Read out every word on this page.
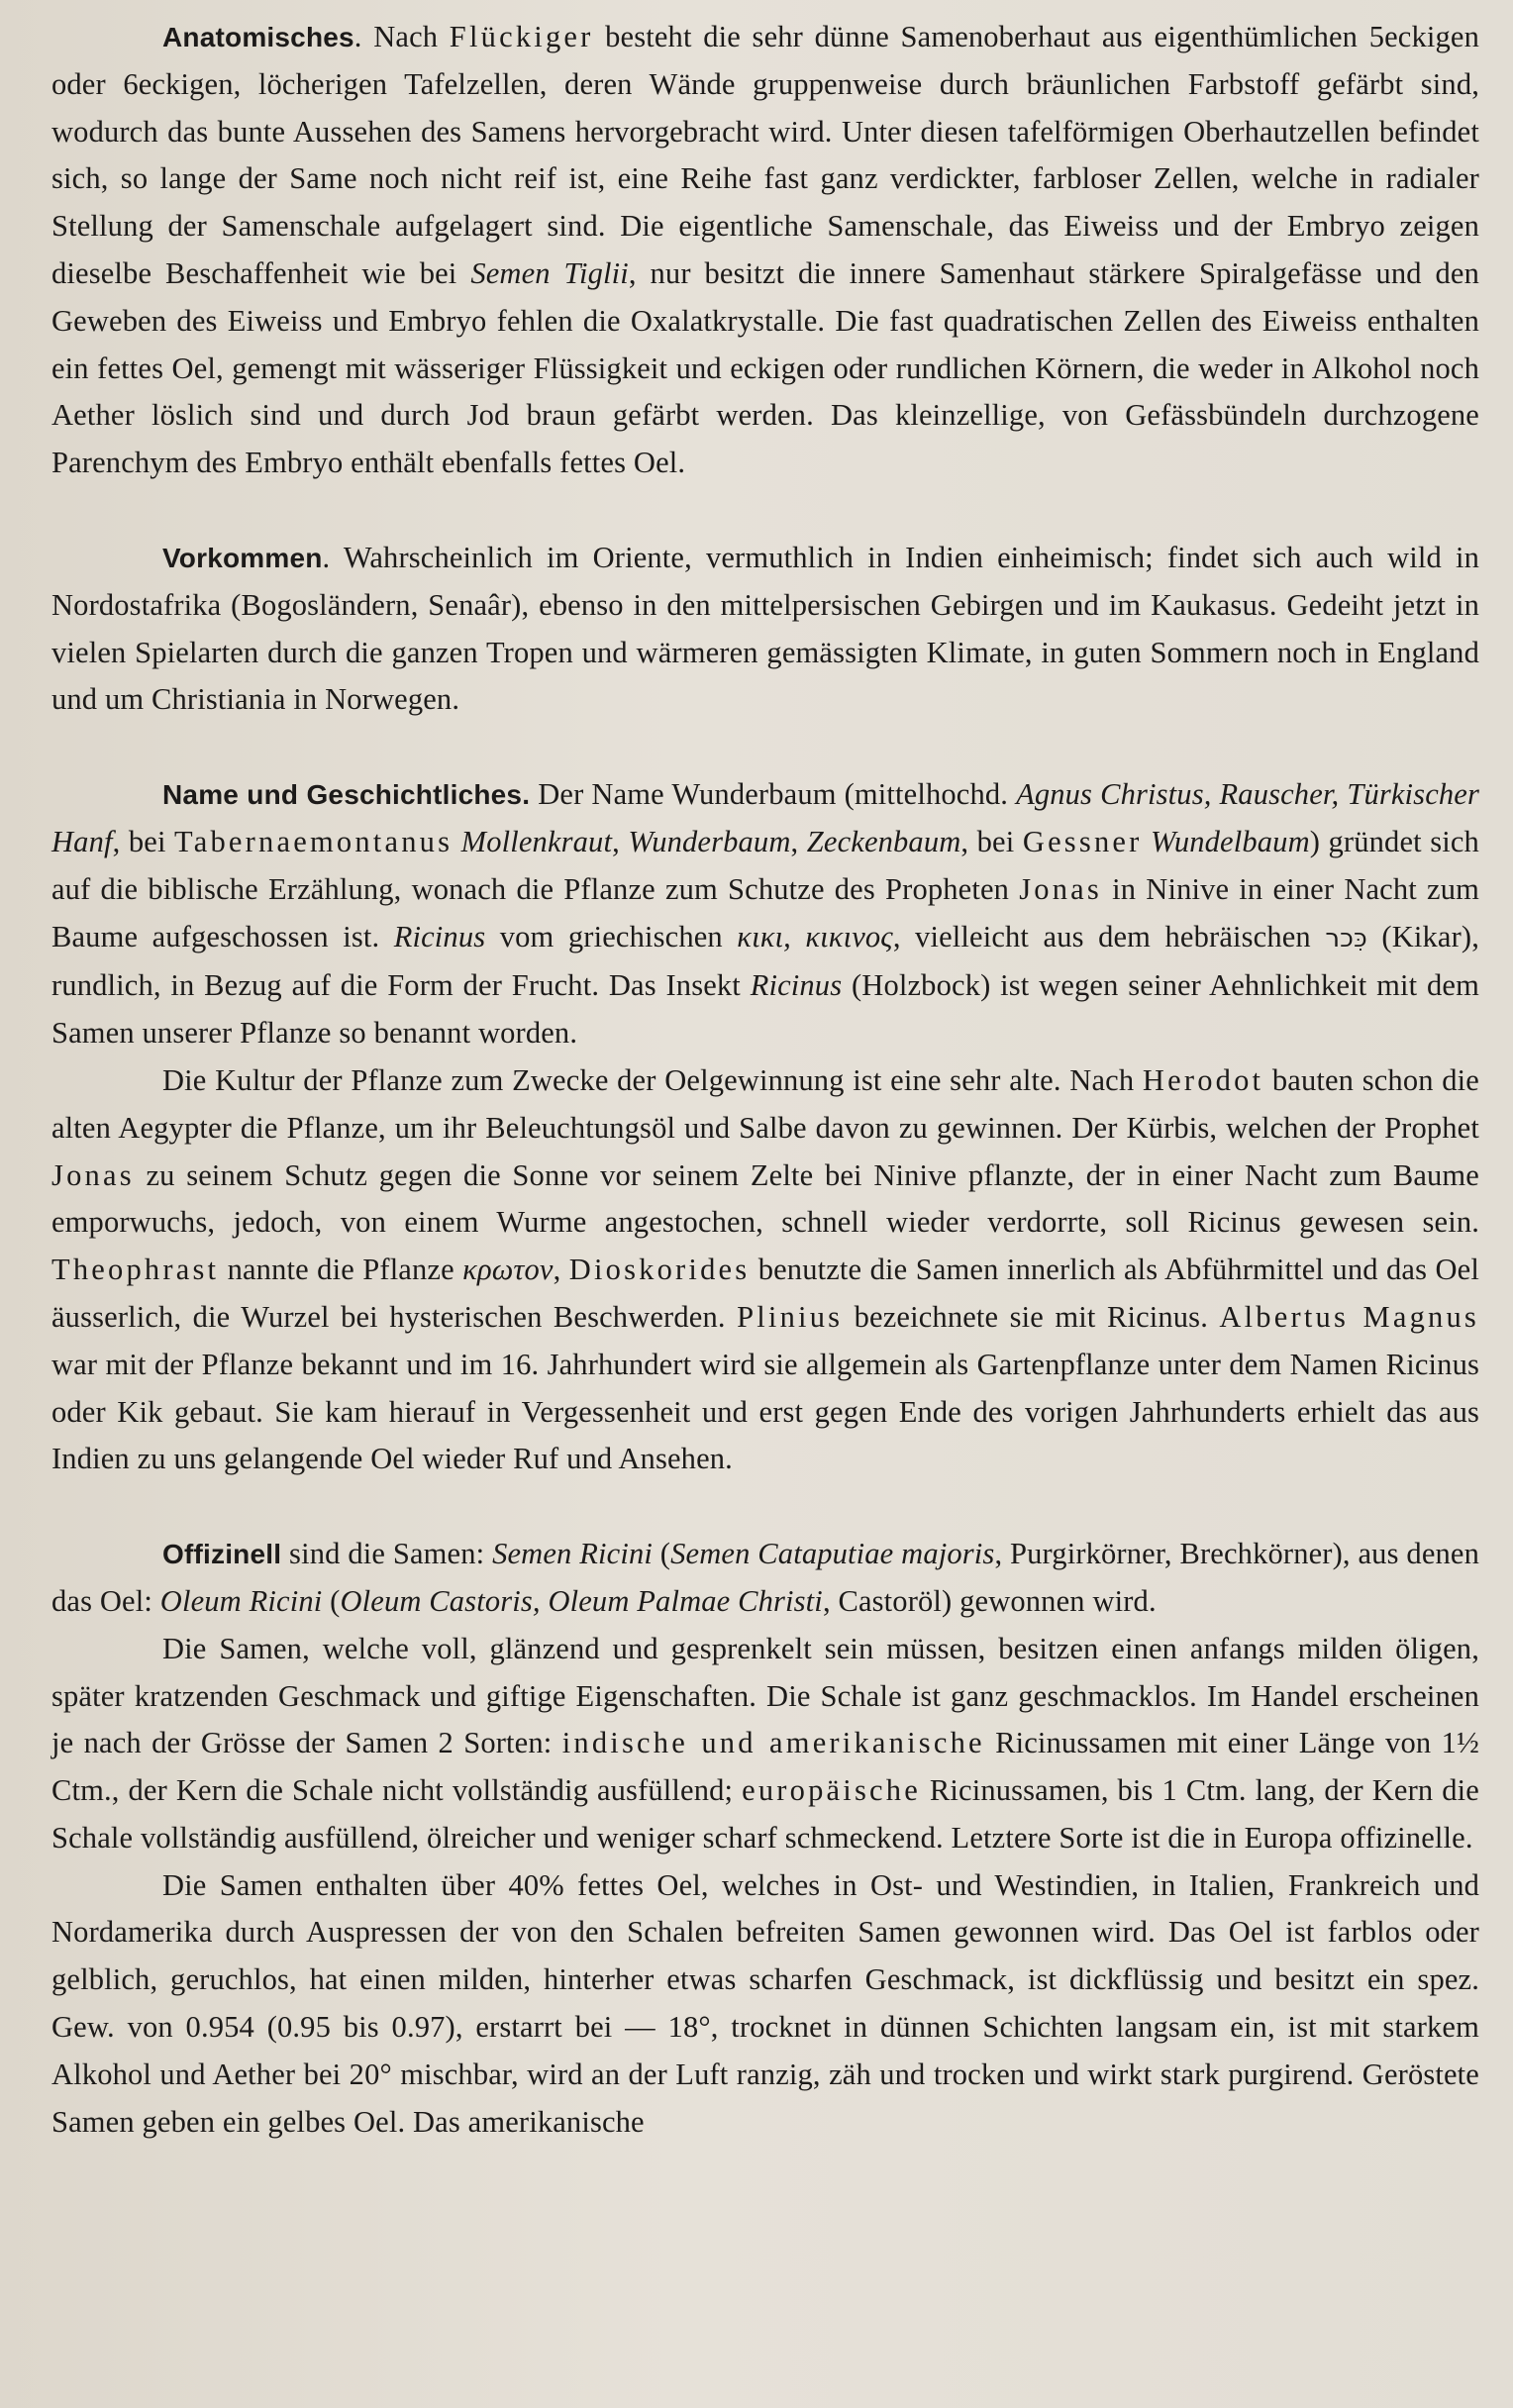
Anatomisches. Nach Flückiger besteht die sehr dünne Samenoberhaut aus eigenthümlichen 5eckigen oder 6eckigen, löcherigen Tafelzellen, deren Wände gruppenweise durch bräunlichen Farbstoff gefärbt sind, wodurch das bunte Aussehen des Samens hervorgebracht wird. Unter diesen tafelförmigen Oberhautzellen befindet sich, so lange der Same noch nicht reif ist, eine Reihe fast ganz verdickter, farbloser Zellen, welche in radialer Stellung der Samenschale aufgelagert sind. Die eigentliche Samenschale, das Eiweiss und der Embryo zeigen dieselbe Beschaffenheit wie bei Semen Tiglii, nur besitzt die innere Samenhaut stärkere Spiralgefässe und den Geweben des Eiweiss und Embryo fehlen die Oxalatkrystalle. Die fast quadratischen Zellen des Eiweiss enthalten ein fettes Oel, gemengt mit wässeriger Flüssigkeit und eckigen oder rundlichen Körnern, die weder in Alkohol noch Aether löslich sind und durch Jod braun gefärbt werden. Das kleinzellige, von Gefässbündeln durchzogene Parenchym des Embryo enthält ebenfalls fettes Oel.

Vorkommen. Wahrscheinlich im Oriente, vermuthlich in Indien einheimisch; findet sich auch wild in Nordostafrika (Bogosländern, Senaâr), ebenso in den mittelpersischen Gebirgen und im Kaukasus. Gedeiht jetzt in vielen Spielarten durch die ganzen Tropen und wärmeren gemässigten Klimate, in guten Sommern noch in England und um Christiania in Norwegen.

Name und Geschichtliches. Der Name Wunderbaum (mittelhochd. Agnus Christus, Rauscher, Türkischer Hanf, bei Tabernaemontanus Mollenkraut, Wunderbaum, Zeckenbaum, bei Gessner Wundelbaum) gründet sich auf die biblische Erzählung, wonach die Pflanze zum Schutze des Propheten Jonas in Ninive in einer Nacht zum Baume aufgeschossen ist. Ricinus vom griechischen κικι, κικινος, vielleicht aus dem hebräischen כִּכר (Kikar), rundlich, in Bezug auf die Form der Frucht. Das Insekt Ricinus (Holzbock) ist wegen seiner Aehnlichkeit mit dem Samen unserer Pflanze so benannt worden.

Die Kultur der Pflanze zum Zwecke der Oelgewinnung ist eine sehr alte. Nach Herodot bauten schon die alten Aegypter die Pflanze, um ihr Beleuchtungsöl und Salbe davon zu gewinnen. Der Kürbis, welchen der Prophet Jonas zu seinem Schutz gegen die Sonne vor seinem Zelte bei Ninive pflanzte, der in einer Nacht zum Baume emporwuchs, jedoch, von einem Wurme angestochen, schnell wieder verdorrte, soll Ricinus gewesen sein. Theophrast nannte die Pflanze κρωτον, Dioskorides benutzte die Samen innerlich als Abführmittel und das Oel äusserlich, die Wurzel bei hysterischen Beschwerden. Plinius bezeichnete sie mit Ricinus. Albertus Magnus war mit der Pflanze bekannt und im 16. Jahrhundert wird sie allgemein als Gartenpflanze unter dem Namen Ricinus oder Kik gebaut. Sie kam hierauf in Vergessenheit und erst gegen Ende des vorigen Jahrhunderts erhielt das aus Indien zu uns gelangende Oel wieder Ruf und Ansehen.

Offizinell sind die Samen: Semen Ricini (Semen Cataputiae majoris, Purgirkörner, Brechkörner), aus denen das Oel: Oleum Ricini (Oleum Castoris, Oleum Palmae Christi, Castoröl) gewonnen wird.

Die Samen, welche voll, glänzend und gesprenkelt sein müssen, besitzen einen anfangs milden öligen, später kratzenden Geschmack und giftige Eigenschaften. Die Schale ist ganz geschmacklos. Im Handel erscheinen je nach der Grösse der Samen 2 Sorten: indische und amerikanische Ricinussamen mit einer Länge von 1½ Ctm., der Kern die Schale nicht vollständig ausfüllend; europäische Ricinussamen, bis 1 Ctm. lang, der Kern die Schale vollständig ausfüllend, ölreicher und weniger scharf schmeckend. Letztere Sorte ist die in Europa offizinelle.

Die Samen enthalten über 40% fettes Oel, welches in Ost- und Westindien, in Italien, Frankreich und Nordamerika durch Auspressen der von den Schalen befreiten Samen gewonnen wird. Das Oel ist farblos oder gelblich, geruchlos, hat einen milden, hinterher etwas scharfen Geschmack, ist dickflüssig und besitzt ein spez. Gew. von 0.954 (0.95 bis 0.97), erstarrt bei — 18°, trocknet in dünnen Schichten langsam ein, ist mit starkem Alkohol und Aether bei 20° mischbar, wird an der Luft ranzig, zäh und trocken und wirkt stark purgirend. Geröstete Samen geben ein gelbes Oel. Das amerikanische
